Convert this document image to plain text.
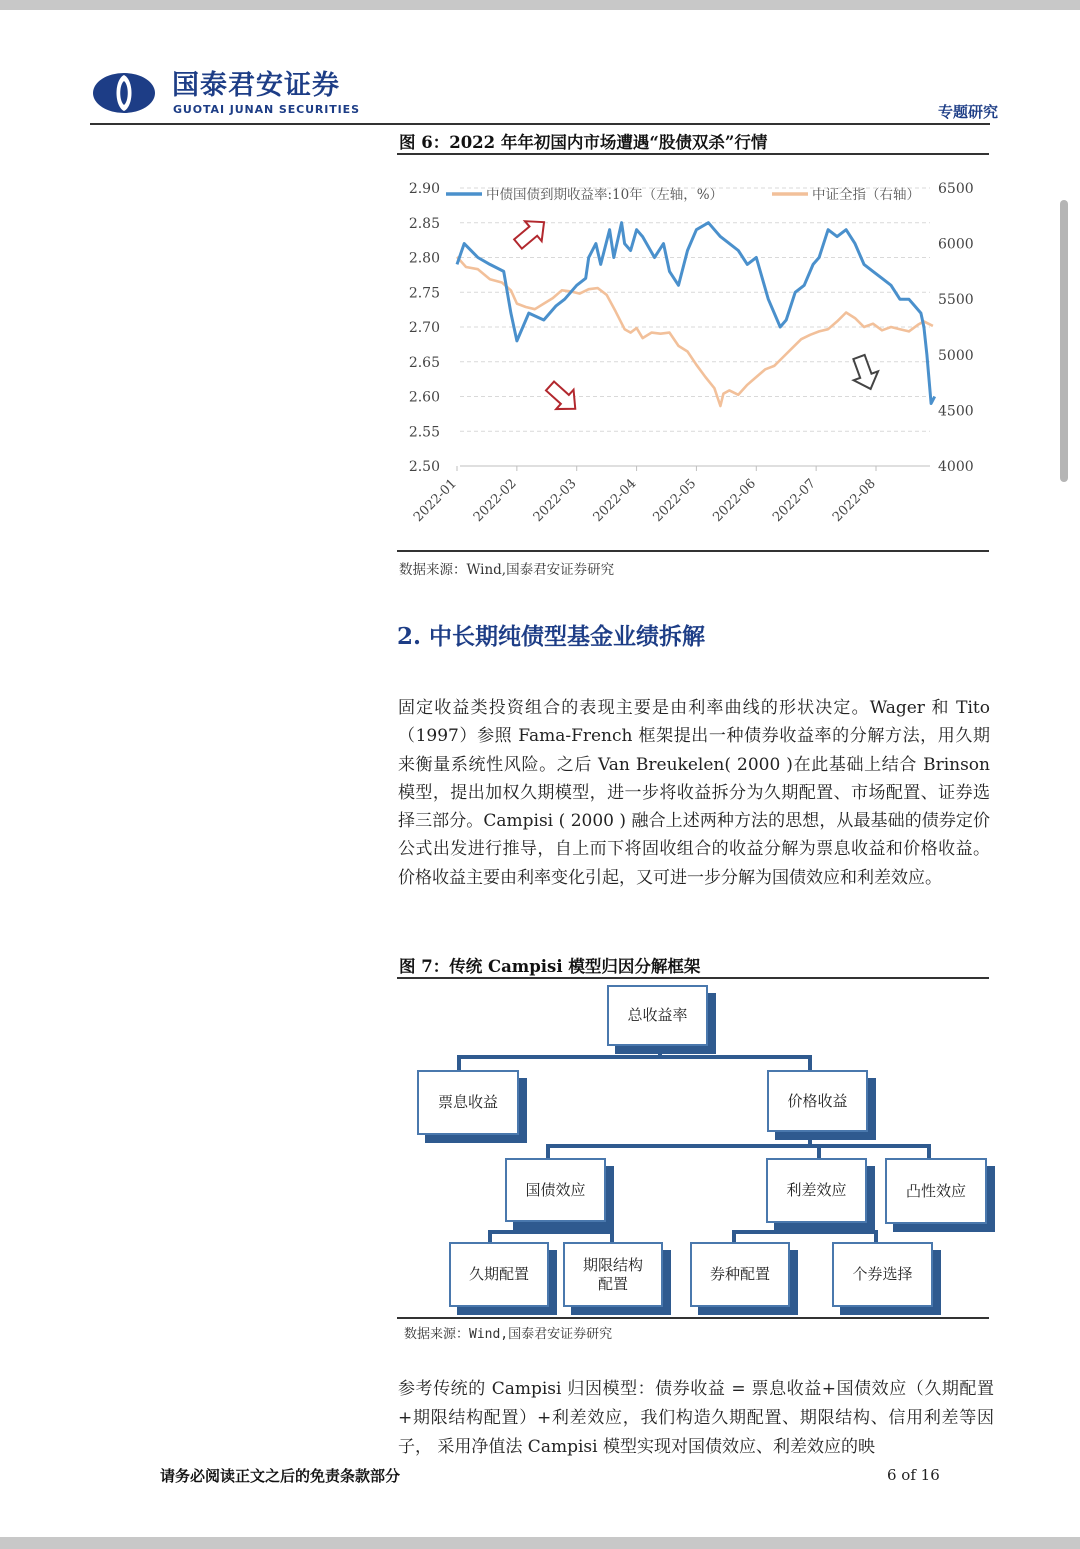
国泰君安证券
GUOTAI JUNAN SECURITIES	专题研究
图 6：2022 年年初国内市场遭遇“股债双杀”行情
2.90
2.85
2.80
2.75
2.70
2.65
2.60
2.55
2.50
6500
6000
5500
5000
4500
4000
2022-01 2022-02 2022-03 2022-04 2022-05 2022-06 2022-07 2022-08
中债国债到期收益率:10年（左轴，%）	中证全指（右轴）
数据来源：Wind,国泰君安证券研究
2. 中长期纯债型基金业绩拆解
固定收益类投资组合的表现主要是由利率曲线的形状决定。Wager 和 Tito（1997）参照 Fama-French 框架提出一种债券收益率的分解方法，用久期来衡量系统性风险。之后 Van Breukelen( 2000 )在此基础上结合 Brinson 模型，提出加权久期模型，进一步将收益拆分为久期配置、市场配置、证券选择三部分。Campisi ( 2000 ) 融合上述两种方法的思想，从最基础的债券定价公式出发进行推导，自上而下将固收组合的收益分解为票息收益和价格收益。价格收益主要由利率变化引起，又可进一步分解为国债效应和利差效应。
图 7：传统 Campisi 模型归因分解框架
总收益率
票息收益	价格收益
国债效应	利差效应	凸性效应
久期配置
期限结构配置
券种配置	个券选择
数据来源：Wind,国泰君安证券研究
参考传统的 Campisi 归因模型：债券收益 = 票息收益+国债效应（久期配置+期限结构配置）+利差效应，我们构造久期配置、期限结构、信用利差等因子， 采用净值法 Campisi 模型实现对国债效应、利差效应的映
请务必阅读正文之后的免责条款部分	6 of 16
